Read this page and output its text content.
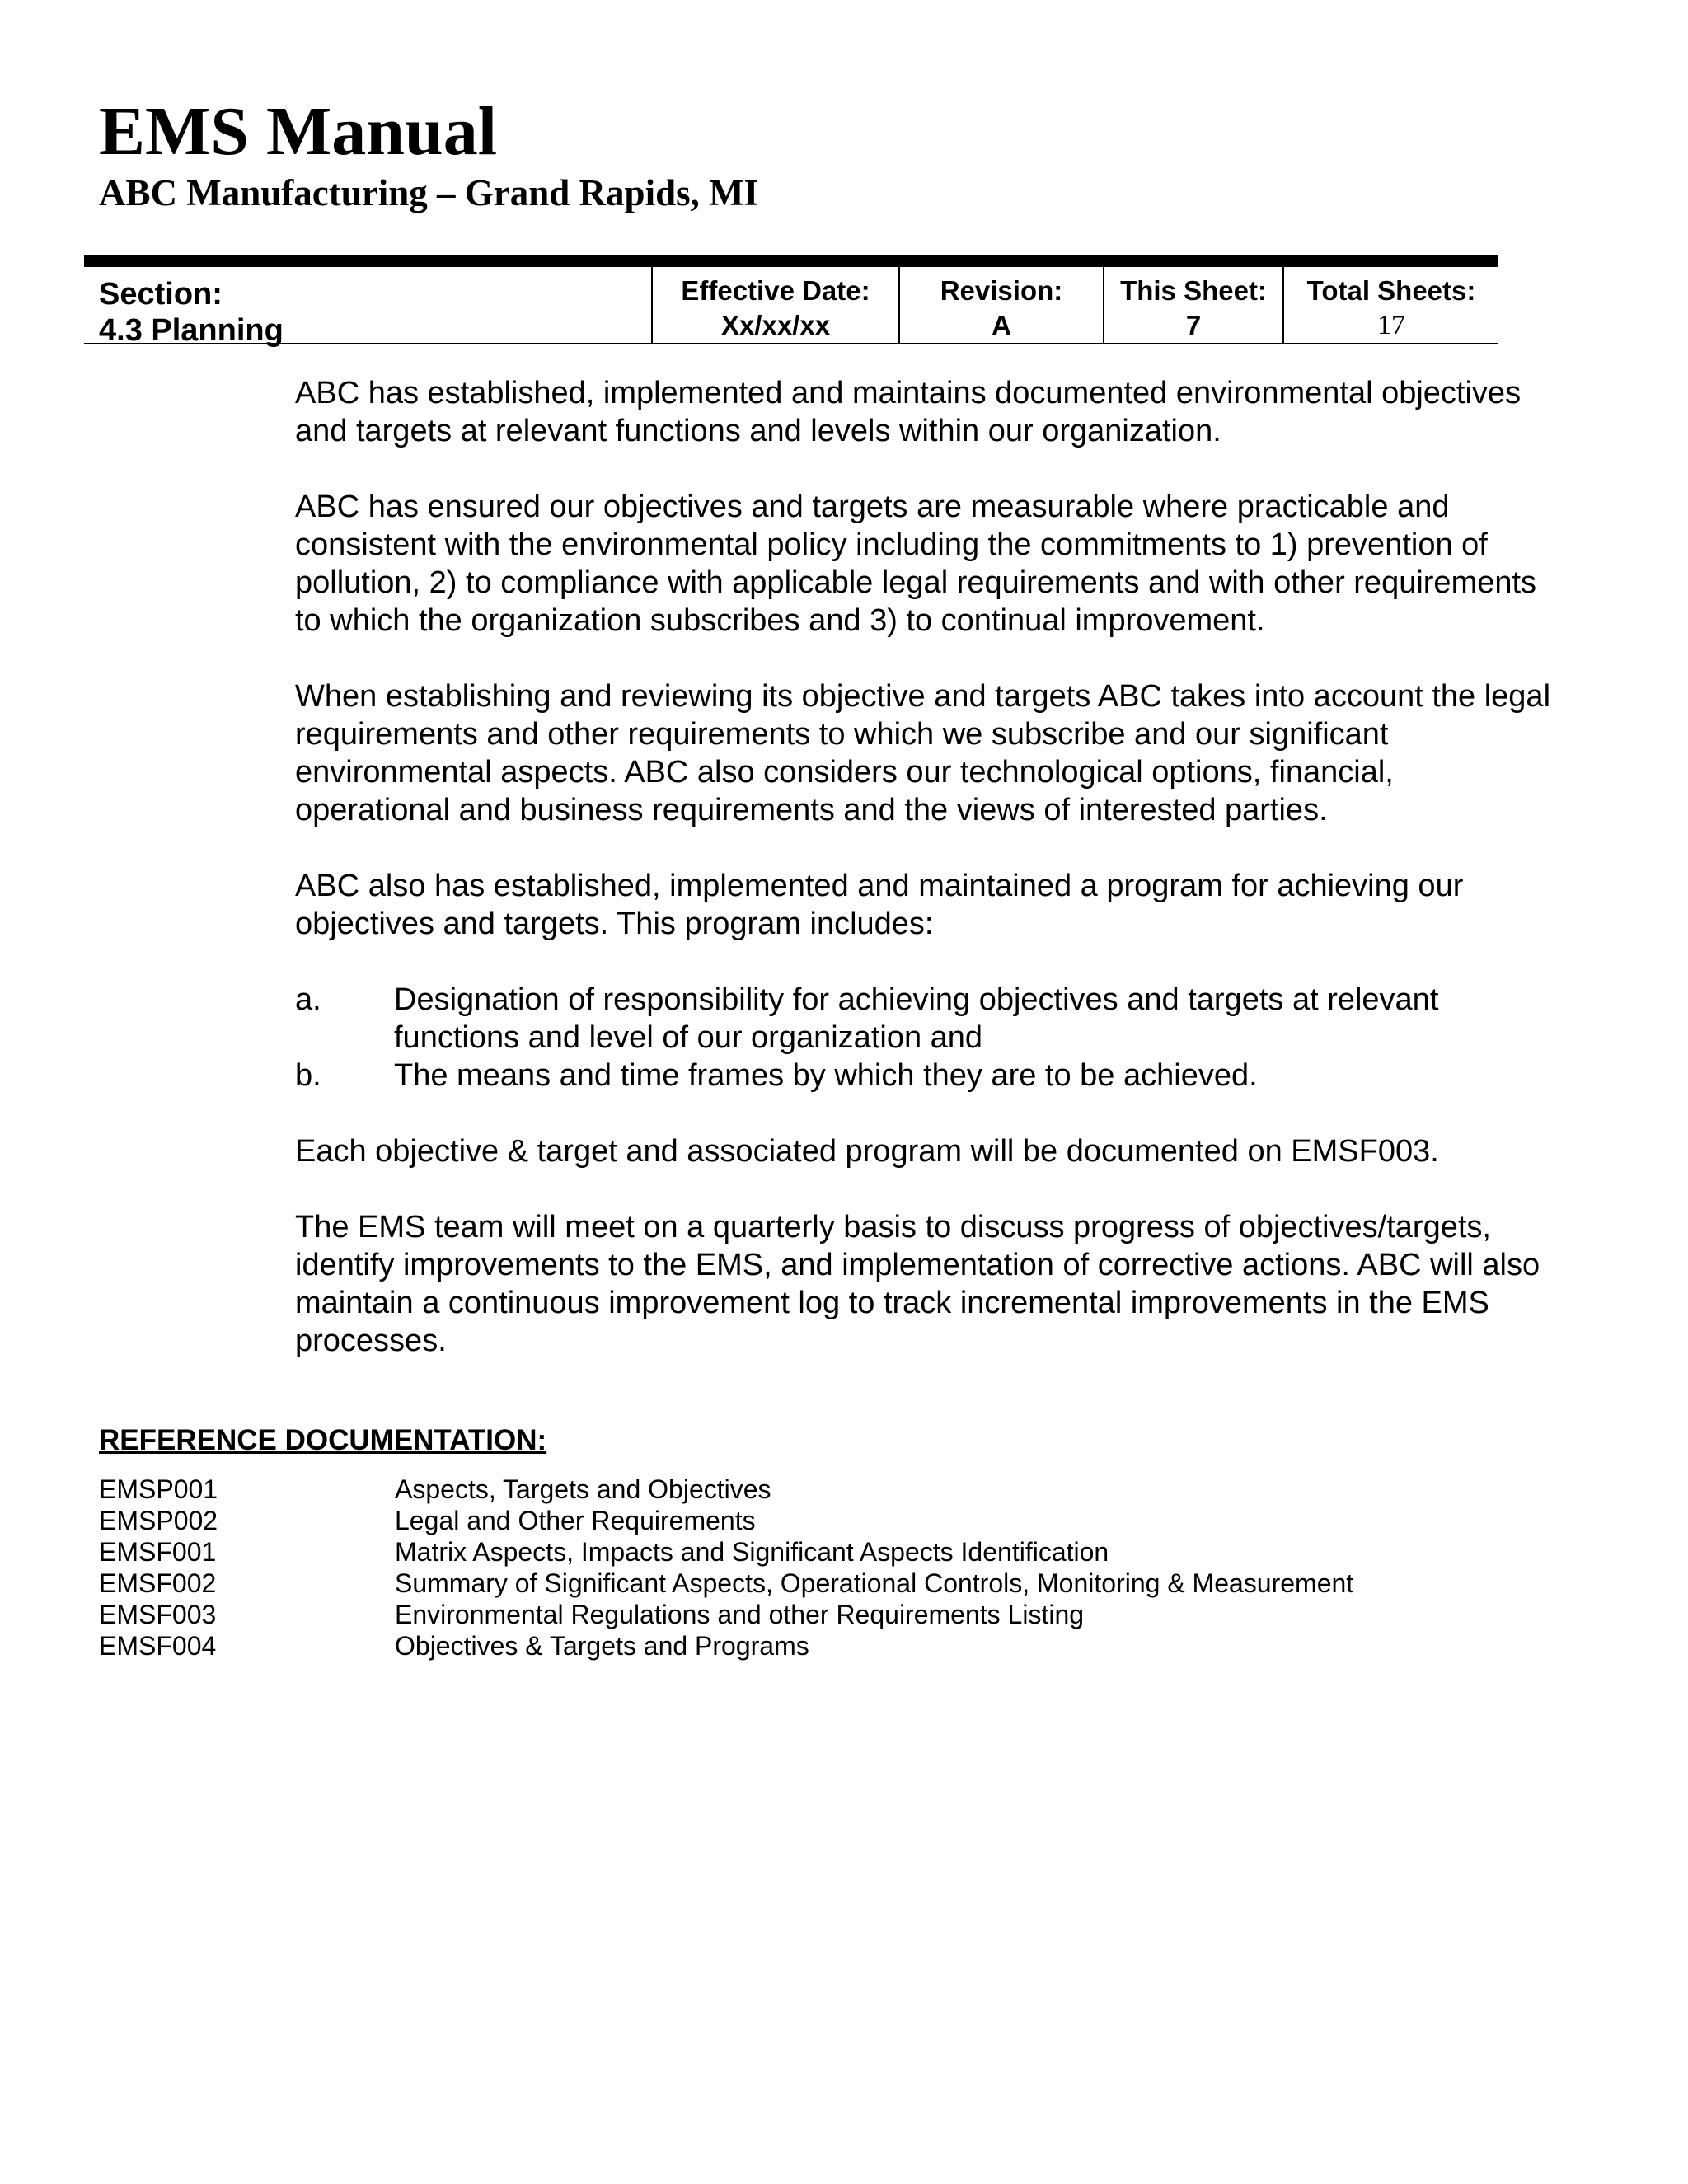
EMS Manual
ABC Manufacturing – Grand Rapids, MI
Section:
4.3 Planning
Effective Date:
Xx/xx/xx
Revision:
A
This Sheet:
7
Total Sheets:
17

ABC has established, implemented and maintains documented environmental objectives and targets at relevant functions and levels within our organization.

ABC has ensured our objectives and targets are measurable where practicable and consistent with the environmental policy including the commitments to 1) prevention of pollution, 2) to compliance with applicable legal requirements and with other requirements to which the organization subscribes and 3) to continual improvement.

When establishing and reviewing its objective and targets ABC takes into account the legal requirements and other requirements to which we subscribe and our significant environmental aspects. ABC also considers our technological options, financial, operational and business requirements and the views of interested parties.

ABC also has established, implemented and maintained a program for achieving our objectives and targets. This program includes:

a.	Designation of responsibility for achieving objectives and targets at relevant functions and level of our organization and
b.	The means and time frames by which they are to be achieved.

Each objective & target and associated program will be documented on EMSF003.

The EMS team will meet on a quarterly basis to discuss progress of objectives/targets, identify improvements to the EMS, and implementation of corrective actions. ABC will also maintain a continuous improvement log to track incremental improvements in the EMS processes.

REFERENCE DOCUMENTATION:
EMSP001	Aspects, Targets and Objectives
EMSP002	Legal and Other Requirements
EMSF001	Matrix Aspects, Impacts and Significant Aspects Identification
EMSF002	Summary of Significant Aspects, Operational Controls, Monitoring & Measurement
EMSF003	Environmental Regulations and other Requirements Listing
EMSF004	Objectives & Targets and Programs
